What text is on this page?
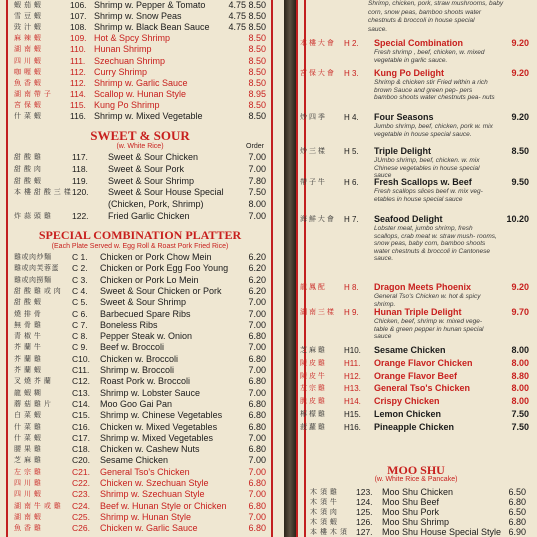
蝦 茄 蝦	106. Shrimp w. Pepper & Tomato	4.75 8.50
雪 豆 蝦	107. Shrimp w. Snow Peas	4.75 8.50
豉 汁 蝦	108. Shrimp w. Black Bean Sauce 4.75 8.50
麻 辣 蝦	109. Hot & Spcy Shrimp	8.50
湖 南 蝦	110. Hunan Shrimp	8.50
四 川 蝦	111. Szechuan Shrimp	8.50
咖 喱 蝦	112. Curry Shrimp	8.50
魚 香 蝦	112. Shrimp w. Garlic Sauce	8.50
湖 南 帶 子	114. Scallop w. Hunan Style	8.95
宮 保 蝦	115. Kung Po Shrimp	8.50
什 菜 蝦	116. Shrimp w. Mixed Vegetable	8.50
SWEET & SOUR
(w. White Rice)	Order
甜 酸 雞	117. Sweet & Sour Chicken	7.00
甜 酸 肉	118. Sweet & Sour Pork	7.00
甜 酸 蝦	119. Sweet & Sour Shrimp	7.80
本 樓 甜 酸 三 樣 120. Sweet & Sour House Special	7.50
(Chicken, Pork, Shrimp)	8.00
炸 蒜 頭 雞	122. Fried Garlic Chicken	7.00
SPECIAL COMBINATION PLATTER
(Each Plate Served w. Egg Roll & Roast Pork Fried Rice)
雞或肉炒麵	C 1. Chicken or Pork Chow Mein	6.20
雞或肉芙蓉蛋	C 2. Chicken or Pork Egg Foo Young 6.20
雞或肉撈麵	C 3. Chicken or Pork Lo Mein	6.20
甜 酸 雞 或 肉	C 4. Sweet & Sour Chicken or Pork	6.20
甜 酸 蝦	C 5. Sweet & Sour Shrimp	7.00
燒 排 骨	C 6. Barbecued Spare Ribs	7.00
無 骨 雞	C 7. Boneless Ribs	7.00
青 椒 牛	C 8. Pepper Steak w. Onion	6.80
芥 蘭 牛	C 9. Beef w. Broccoli	7.00
芥 蘭 雞	C10. Chicken w. Broccoli	6.80
芥 蘭 蝦	C11. Shrimp w. Broccoli	7.00
叉 燒 芥 蘭	C12. Roast Pork w. Broccoli	6.80
龍 蝦 糊	C13. Shrimp w. Lobster Sauce	7.00
蘑 菇 雞 片	C14. Moo Goo Gai Pan	6.80
白 菜 蝦	C15. Shrimp w. Chinese Vegetables	6.80
什 菜 雞	C16. Chicken w. Mixed Vegetables	6.80
什 菜 蝦	C17. Shrimp w. Mixed Vegetables	7.00
腰 果 雞	C18. Chicken w. Cashew Nuts	6.80
芝 麻 雞	C20. Sesame Chicken	7.00
左 宗 雞	C21. General Tso's Chicken	7.00
四 川 雞	C22. Chicken w. Szechuan Style	6.80
四 川 蝦	C23. Shrimp w. Szechuan Style	7.00
湖 南 牛 或 雞	C24. Beef w. Hunan Style or Chicken 6.80
湖 南 蝦	C25. Shrimp w. Hunan Style	7.00
魚 香 雞	C26. Chicken w. Garlic Sauce	6.80
Shrimp, chicken, pork, straw mushrooms, baby
corn, snow peas, bamboo shoots water
chestnuts & broccoli in house special
sauce.
本 樓 大 會 H 2. Special Combination	9.20
Fresh shrimp , beef, chicken, w. mixed vegetable in garlic sauce.
宮 保 大 會 H 3. Kung Po Delight	9.20
Shrimp & chicken stir Fried within a rich brown Sauce and green pep- pers bamboo shoots water chestnuts pea- nuts
炒 四 季 H 4. Four Seasons	9.20
Jumbo shrimp, beef, chicken, pork w. mix vegetable in house special sauce.
炒 三 樣 H 5. Triple Delight	8.50
JUmbo shrimp, beef, chicken. w. mix Chinese vegetables in house special sauce
帶 子 牛 H 6. Fresh Scallops w. Beef	9.50
Fresh scallops slices beef w. mix veg- etables in house special sauce
海 鮮 大 會 H 7. Seafood Delight	10.20
Lobster meat, jumbo shrimp, fresh scallops, crab meat w. straw mush- rooms, snow peas, baby corn, bamboo shoots water chestnuts & broccoli in Cantonese sauce.
龍 鳳 配 H 8. Dragon Meets Phoenix	9.20
General Tso's Chicken w. hot & spicy shrimp.
湖 南 三 樣 H 9. Hunan Triple Delight	9.70
Chicken, beef, shrimp w. mixed vege- table & green pepper in hunan special sauce
芝 麻 雞 H10. Sesame Chicken	8.00
陳 皮 雞 H11. Orange Flavor Chicken	8.00
陳 皮 牛 H12. Orange Flavor Beef	8.80
左 宗 雞 H13. General Tso's Chicken	8.00
脆 皮 雞 H14. Crispy Chicken	8.00
檸 檬 雞 H15. Lemon Chicken	7.50
菠 蘿 雞 H16. Pineapple Chicken	7.50
MOO SHU
(w. White Rice & Pancake)
木 須 雞	123. Moo Shu Chicken	6.50
木 須 牛	124. Moo Shu Beef	6.80
木 須 肉	125. Moo Shu Pork	6.50
木 須 蝦	126. Moo Shu Shrimp	6.80
本 樓 木 須	127. Moo Shu House Special Style 6.90
